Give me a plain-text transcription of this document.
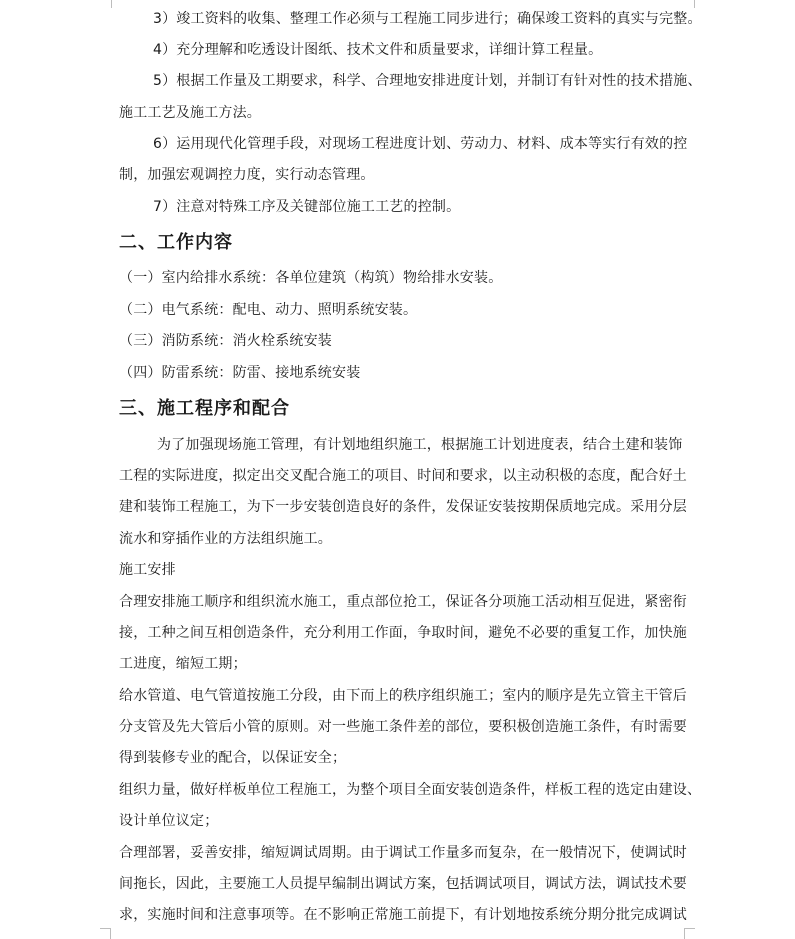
3）竣工资料的收集、整理工作必须与工程施工同步进行；确保竣工资料的真实与完整。
4）充分理解和吃透设计图纸、技术文件和质量要求，详细计算工程量。
5）根据工作量及工期要求，科学、合理地安排进度计划，并制订有针对性的技术措施、
施工工艺及施工方法。
6）运用现代化管理手段，对现场工程进度计划、劳动力、材料、成本等实行有效的控
制，加强宏观调控力度，实行动态管理。
7）注意对特殊工序及关键部位施工工艺的控制。
二、工作内容
（一）室内给排水系统：各单位建筑（构筑）物给排水安装。
（二）电气系统：配电、动力、照明系统安装。
（三）消防系统：消火栓系统安装
（四）防雷系统：防雷、接地系统安装
三、施工程序和配合
为了加强现场施工管理，有计划地组织施工，根据施工计划进度表，结合土建和装饰
工程的实际进度，拟定出交叉配合施工的项目、时间和要求，以主动积极的态度，配合好土
建和装饰工程施工，为下一步安装创造良好的条件，发保证安装按期保质地完成。采用分层
流水和穿插作业的方法组织施工。
施工安排
合理安排施工顺序和组织流水施工，重点部位抢工，保证各分项施工活动相互促进，紧密衔
接，工种之间互相创造条件，充分利用工作面，争取时间，避免不必要的重复工作，加快施
工进度，缩短工期；
给水管道、电气管道按施工分段，由下而上的秩序组织施工；室内的顺序是先立管主干管后
分支管及先大管后小管的原则。对一些施工条件差的部位，要积极创造施工条件，有时需要
得到装修专业的配合，以保证安全；
组织力量，做好样板单位工程施工，为整个项目全面安装创造条件，样板工程的选定由建设、
设计单位议定；
合理部署，妥善安排，缩短调试周期。由于调试工作量多而复杂，在一般情况下，使调试时
间拖长，因此，主要施工人员提早编制出调试方案，包括调试项目，调试方法，调试技术要
求，实施时间和注意事项等。在不影响正常施工前提下，有计划地按系统分期分批完成调试
